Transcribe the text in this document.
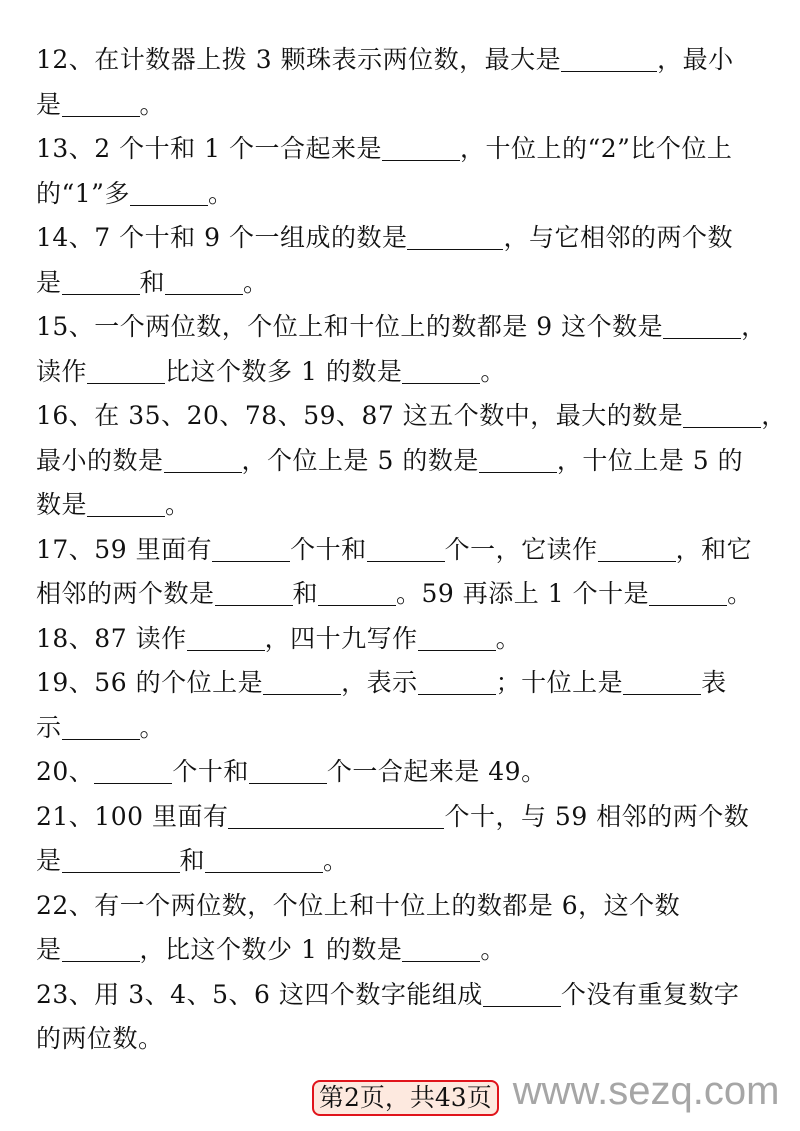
12、在计数器上拨 3 颗珠表示两位数，最大是	，最小
是	。
13、2 个十和 1 个一合起来是	，十位上的“2”比个位上
的“1”多	。
14、7 个十和 9 个一组成的数是	，与它相邻的两个数
是	和	。
15、一个两位数，个位上和十位上的数都是 9 这个数是	，
读作	比这个数多 1 的数是	。
16、在 35、20、78、59、87 这五个数中，最大的数是	，
最小的数是	，个位上是 5 的数是	，十位上是 5 的
数是	。
17、59 里面有	个十和	个一，它读作	，和它
相邻的两个数是	和	。59 再添上 1 个十是	。
18、87 读作	，四十九写作	。
19、56 的个位上是	，表示	；十位上是	表
示	。
20、	个十和	个一合起来是 49。
21、100 里面有	个十，与 59 相邻的两个数
是	和	。
22、有一个两位数，个位上和十位上的数都是 6，这个数
是	，比这个数少 1 的数是	。
23、用 3、4、5、6 这四个数字能组成	个没有重复数字
的两位数。
第2页，共43页 www.sezq.com
